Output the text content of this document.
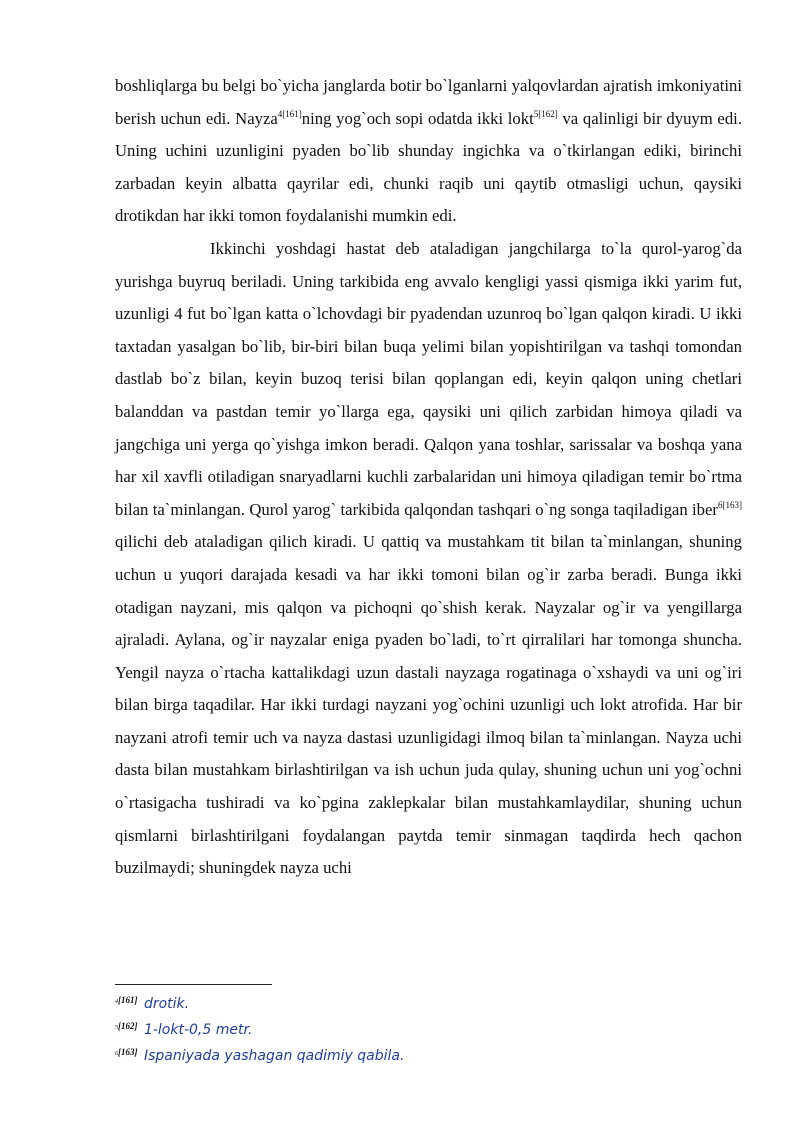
boshliqlarga bu belgi bo`yicha janglarda botir bo`lganlarni yalqovlardan ajratish imkoniyatini berish uchun edi. Nayza$^{4[161]}$ning yog`och sopi odatda ikki lokt$^{5[162]}$ va qalinligi bir dyuym edi. Uning uchini uzunligini pyaden bo`lib shunday ingichka va o`tkirlangan ediki, birinchi zarbadan keyin albatta qayrilar edi, chunki raqib uni qaytib otmasligi uchun, qaysiki drotikdan har ikki tomon foydalanishi mumkin edi.

Ikkinchi yoshdagi hastat deb ataladigan jangchilarga to`la qurol-yarog`da yurishga buyruq beriladi. Uning tarkibida eng avvalo kengligi yassi qismiga ikki yarim fut, uzunligi 4 fut bo`lgan katta o`lchovdagi bir pyadendan uzunroq bo`lgan qalqon kiradi. U ikki taxtadan yasalgan bo`lib, bir-biri bilan buqa yelimi bilan yopishtirilgan va tashqi tomondan dastlab bo`z bilan, keyin buzoq terisi bilan qoplangan edi, keyin qalqon uning chetlari balanddan va pastdan temir yo`llarga ega, qaysiki uni qilich zarbidan himoya qiladi va jangchiga uni yerga qo`yishga imkon beradi. Qalqon yana toshlar, sarissalar va boshqa yana har xil xavfli otiladigan snaryadlarni kuchli zarbalaridan uni himoya qiladigan temir bo`rtma bilan ta`minlangan. Qurol yarog` tarkibida qalqondan tashqari o`ng songa taqiladigan iber$^{6[163]}$ qilichi deb ataladigan qilich kiradi. U qattiq va mustahkam tit bilan ta`minlangan, shuning uchun u yuqori darajada kesadi va har ikki tomoni bilan og`ir zarba beradi. Bunga ikki otadigan nayzani, mis qalqon va pichoqni qo`shish kerak. Nayzalar og`ir va yengillarga ajraladi. Aylana, og`ir nayzalar eniga pyaden bo`ladi, to`rt qirralilari har tomonga shuncha. Yengil nayza o`rtacha kattalikdagi uzun dastali nayzaga rogatinaga o`xshaydi va uni og`iri bilan birga taqadilar. Har ikki turdagi nayzani yog`ochini uzunligi uch lokt atrofida. Har bir nayzani atrofi temir uch va nayza dastasi uzunligidagi ilmoq bilan ta`minlangan. Nayza uchi dasta bilan mustahkam birlashtirilgan va ish uchun juda qulay, shuning uchun uni yog`ochni o`rtasigacha tushiradi va ko`pgina zaklepkalar bilan mustahkamlaydilar, shuning uchun qismlarni birlashtirilgani foydalangan paytda temir sinmagan taqdirda hech qachon buzilmaydi; shuningdek nayza uchi

$^{4[161]}$ drotik.
$^{5[162]}$ 1-lokt-0,5 metr.
$^{6[163]}$ Ispaniyada yashagan qadimiy qabila.
